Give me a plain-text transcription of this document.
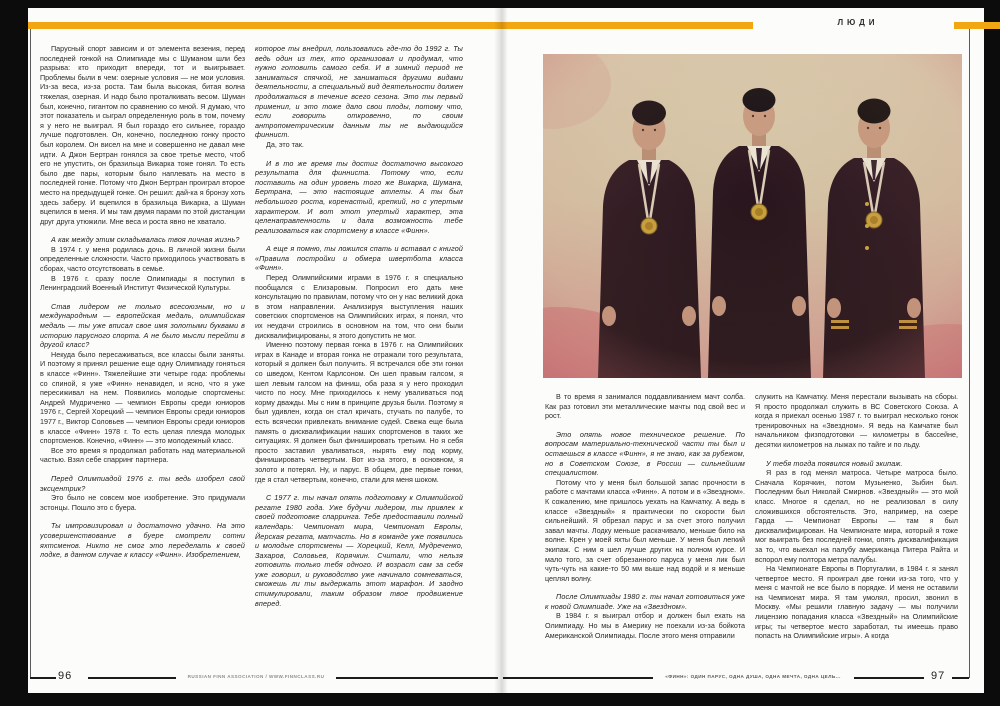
ЛЮДИ

Парусный спорт зависим и от элемента везения, перед последней гонкой на Олимпиаде мы с Шуманом шли без разрыва: кто приходит впереди, тот и выигрывает. Проблемы были в чем: озерные условия — не мои условия. Из-за веса, из-за роста. Там была высокая, битая волна тяжелая, озерная. И надо было проталкивать весом. Шуман был, конечно, гигантом по сравнению со мной. Я думаю, что этот показатель и сыграл определенную роль в том, почему я у него не выиграл. Я был гораздо его сильнее, гораздо лучше подготовлен. Он, конечно, последнюю гонку просто был королем. Он висел на мне и совершенно не давал мне идти. А Джон Бертран гонялся за свое третье место, чтоб его не упустить, он бразильца Викарка тоже гонял. То есть было две пары, которым было наплевать на место в последней гонке. Потому что Джон Бертран проиграл второе место на предыдущей гонке. Он решил: дай-ка я бронзу хоть здесь заберу. И вцепился в бразильца Викарка, а Шуман вцепился в меня. И мы там двумя парами по этой дистанции друг друга утюжили. Мне веса и роста явно не хватало.

А как между этим складывалась твоя личная жизнь?

В 1974 г. у меня родилась дочь. В личной жизни были определенные сложности. Часто приходилось участвовать в сборах, часто отсутствовать в семье.

В 1976 г. сразу после Олимпиады я поступил в Ленинградский Военный Институт Физической Культуры.

Став лидером не только всесоюзным, но и международным — европейская медаль, олимпийская медаль — ты уже вписал свое имя золотыми буквами в историю парусного спорта. А не было мысли перейти в другой класс?

Некуда было пересаживаться, все классы были заняты. И поэтому я принял решение еще одну Олимпиаду гоняться в классе «Финн». Тяжелейшие эти четыре года: проблемы со спиной, я уже «Финн» ненавидел, и ясно, что я уже пересиживал на нем. Появились молодые спортсмены: Андрей Мудриченко — чемпион Европы среди юниоров 1976 г., Сергей Хорецкий — чемпион Европы среди юниоров 1977 г., Виктор Соловьев — чемпион Европы среди юниоров в классе «Финн» 1978 г. То есть целая плеяда молодых спортсменов. Конечно, «Финн» — это молодежный класс.

Все это время я продолжал работать над материальной частью. Взял себе спарринг партнера.

Перед Олимпиадой 1976 г. ты ведь изобрел свой эксцентрик?

Это было не совсем мое изобретение. Это придумали эстонцы. Пошло это с буера.

Ты импровизировал и достаточно удачно. На это усовершенствование в буере смотрели сотни яхтсменов. Никто не смог это переделать к своей лодке, в данном случае к классу «Финн». Изобретением,

которое ты внедрил, пользовались где-то до 1992 г. Ты ведь один из тех, кто организовал и продумал, что нужно готовить самого себя. И в зимний период не заниматься спячкой, не заниматься другими видами деятельности, а специальный вид деятельности должен продолжаться в течение всего сезона. Это ты первый применил, и это тоже дало свои плоды, потому что, если говорить откровенно, по своим антропометрическим данным ты не выдающийся финнист.

Да, это так.

И в то же время ты достиг достаточно высокого результата для финниста. Потому что, если поставить на один уровень того же Викарка, Шумана, Бертрана, — это настоящие атлеты. А ты был небольшого роста, коренастый, крепкий, но с упертым характером. И вот этот упертый характер, эта целенаправленность и дала возможность тебе реализоваться как спортсмену в классе «Финн».

А еще я помню, ты ложился спать и вставал с книгой «Правила постройки и обмера швертбота класса «Финн».

Перед Олимпийскими играми в 1976 г. я специально пообщался с Елизаровым. Попросил его дать мне консультацию по правилам, потому что он у нас великий дока в этом направлении. Анализируя выступления наших советских спортсменов на Олимпийских играх, я понял, что их неудачи строились в основном на том, что они были дисквалифицированы, я этого допустить не мог.

Именно поэтому первая гонка в 1976 г. на Олимпийских играх в Канаде и вторая гонка не отражали того результата, который я должен был получить. Я встречался обе эти гонки со шведом, Кентом Карлсоном. Он шел правым галсом, я шел левым галсом на финиш, оба раза я у него проходил чисто по носу. Мне приходилось к нему уваливаться под корму дважды. Мы с ним в принципе друзья были. Поэтому я был удивлен, когда он стал кричать, стучать по палубе, то есть всячески привлекать внимание судей. Свежа еще была память о дисквалификации наших спортсменов в таких же ситуациях. Я должен был финишировать третьим. Но я себя просто заставил уваливаться, нырять ему под корму, финишировать четвертым. Вот из-за этого, в основном, я золото и потерял. Ну, и парус. В общем, две первые гонки, где я стал четвертым, конечно, стали для меня шоком.

С 1977 г. ты начал опять подготовку к Олимпийской регате 1980 года. Уже будучи лидером, ты привлек к своей подготовке спарринга. Тебе предоставили полный календарь: Чемпионат мира, Чемпионат Европы, Йерская регата, матчасть. Но в команде уже появились и молодые спортсмены — Хорецкий, Келл, Мудреченко, Захаров, Соловьев, Корячкин. Считали, что нельзя готовить только тебя одного. И возраст сам за себя уже говорил, и руководство уже начинало сомневаться, сможешь ли ты выдержать этот марафон. И заодно стимулировали, таким образом твое продвижение вперед.

В то время я занимался поддавливанием мачт солба. Как раз готовил эти металлические мачты под свой вес и рост.

Это опять новое техническое решение. По вопросам материально-технической части ты был и остаешься в классе «Финн», я не знаю, как за рубежом, но в Советском Союзе, в России — сильнейшим специалистом.

Потому что у меня был большой запас прочности в работе с мачтами класса «Финн». А потом и в «Звездном». К сожалению, мне пришлось уехать на Камчатку. А ведь в классе «Звездный» я практически по скорости был сильнейший. Я обрезал парус и за счет этого получил завал мачты. Лодку меньше раскачивало, меньше било на волне. Крен у моей яхты был меньше. У меня был легкий экипаж. С ним я шел лучше других на полном курсе. И мало того, за счет обрезанного паруса у меня лик был чуть-чуть на какие-то 50 мм выше над водой и я меньше цеплял волну.

После Олимпиады 1980 г. ты начал готовиться уже к новой Олимпиаде. Уже на «Звездном».

В 1984 г. я выиграл отбор и должен был ехать на Олимпиаду. Но мы в Америку не поехали из-за бойкота Американской Олимпиады. После этого меня отправили

служить на Камчатку. Меня перестали вызывать на сборы. Я просто продолжал служить в ВС Советского Союза. А когда я приехал осенью 1987 г. то выиграл несколько гонок тренировочных на «Звездном». Я ведь на Камчатке был начальником физподготовки — километры в бассейне, десятки километров на лыжах по тайге и по льду.

У тебя тогда появился новый экипаж.

Я раз в год менял матроса. Четыре матроса было. Сначала Корячкин, потом Музьненко, Зыбин был. Последним был Николай Смирнов. «Звездный» — это мой класс. Многое я сделал, но не реализовал в силу сложившихся обстоятельств. Это, например, на озере Гарда — Чемпионат Европы — там я был дисквалифицирован. На Чемпионате мира, который я тоже мог выиграть без последней гонки, опять дисквалификация за то, что выехал на палубу американца Питера Райта и вспорол ему полтора метра палубы.

На Чемпионате Европы в Португалии, в 1984 г. я занял четвертое место. Я проиграл две гонки из-за того, что у меня с мачтой не все было в порядке. И меня не оставили на Чемпионат мира. Я там умолял, просил, звонил в Москву. «Мы решили главную задачу — мы получили лицензию попадания класса «Звездный» на Олимпийские игры; ты четвертое место заработал, ты имеешь право попасть на Олимпийские игры». А когда

96	RUSSIAN FINN ASSOCIATION / WWW.FINNCLASS.RU	«ФИНН»: ОДИН ПАРУС, ОДНА ДУША, ОДНА МЕЧТА, ОДНА ЦЕЛЬ...	97
